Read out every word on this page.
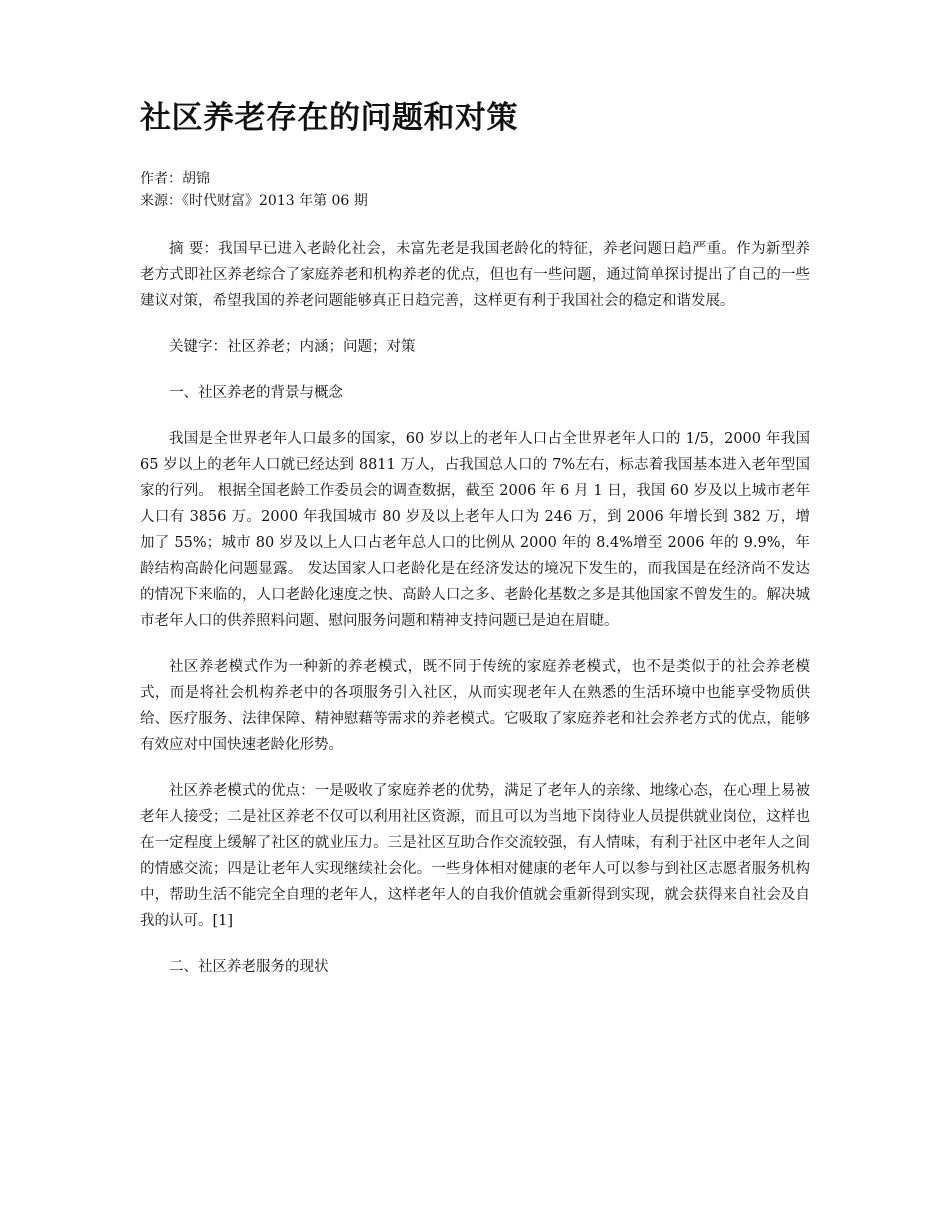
社区养老存在的问题和对策

作者：胡锦

来源：《时代财富》2013 年第 06 期

摘 要：我国早已进入老龄化社会，未富先老是我国老龄化的特征，养老问题日趋严重。作为新型养老方式即社区养老综合了家庭养老和机构养老的优点，但也有一些问题，通过简单探讨提出了自己的一些建议对策，希望我国的养老问题能够真正日趋完善，这样更有利于我国社会的稳定和谐发展。

关键字：社区养老；内涵；问题；对策

一、社区养老的背景与概念

我国是全世界老年人口最多的国家，60 岁以上的老年人口占全世界老年人口的 1/5，2000 年我国 65 岁以上的老年人口就已经达到 8811 万人，占我国总人口的 7%左右，标志着我国基本进入老年型国家的行列。 根据全国老龄工作委员会的调查数据，截至 2006 年 6 月 1 日，我国 60 岁及以上城市老年人口有 3856 万。2000 年我国城市 80 岁及以上老年人口为 246 万，到 2006 年增长到 382 万，增加了 55%；城市 80 岁及以上人口占老年总人口的比例从 2000 年的 8.4%增至 2006 年的 9.9%，年龄结构高龄化问题显露。 发达国家人口老龄化是在经济发达的境况下发生的，而我国是在经济尚不发达的情况下来临的，人口老龄化速度之快、高龄人口之多、老龄化基数之多是其他国家不曾发生的。解决城市老年人口的供养照料问题、慰问服务问题和精神支持问题已是迫在眉睫。

社区养老模式作为一种新的养老模式，既不同于传统的家庭养老模式，也不是类似于的社会养老模式，而是将社会机构养老中的各项服务引入社区，从而实现老年人在熟悉的生活环境中也能享受物质供给、医疗服务、法律保障、精神慰藉等需求的养老模式。它吸取了家庭养老和社会养老方式的优点，能够有效应对中国快速老龄化形势。

社区养老模式的优点：一是吸收了家庭养老的优势，满足了老年人的亲缘、地缘心态，在心理上易被老年人接受；二是社区养老不仅可以利用社区资源，而且可以为当地下岗待业人员提供就业岗位，这样也在一定程度上缓解了社区的就业压力。三是社区互助合作交流较强，有人情味，有利于社区中老年人之间的情感交流；四是让老年人实现继续社会化。一些身体相对健康的老年人可以参与到社区志愿者服务机构中，帮助生活不能完全自理的老年人，这样老年人的自我价值就会重新得到实现，就会获得来自社会及自我的认可。[1]

二、社区养老服务的现状
